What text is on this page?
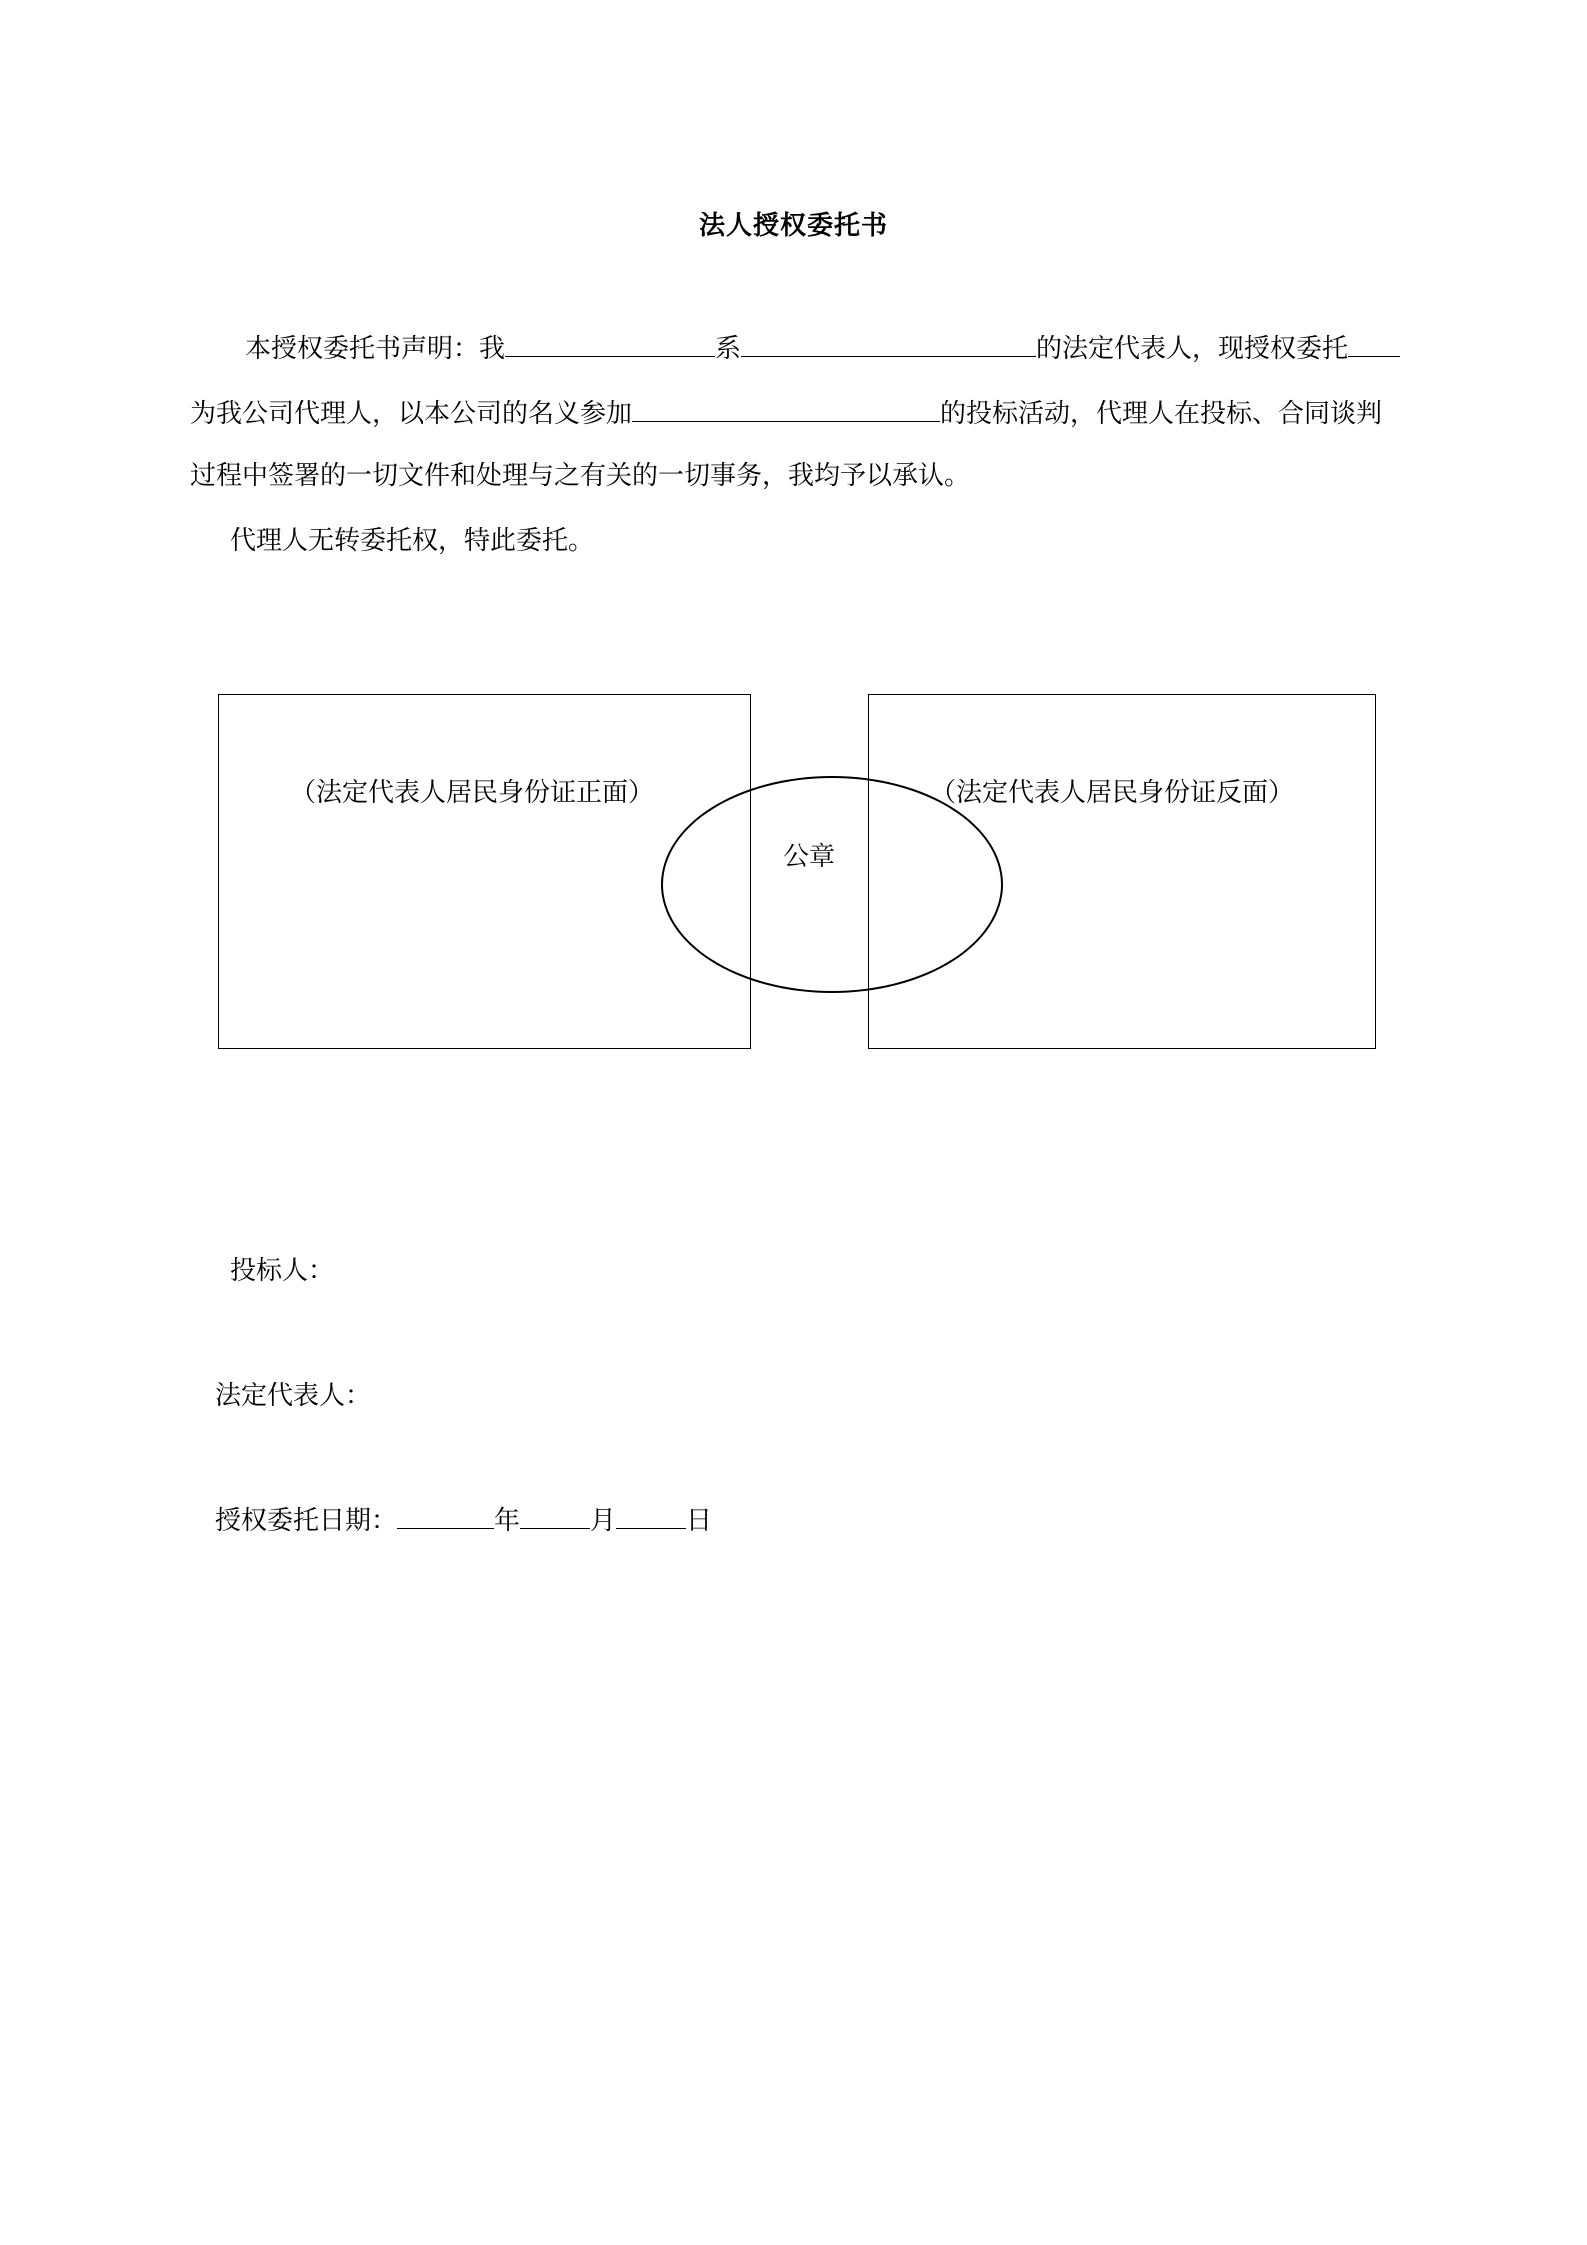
法人授权委托书
本授权委托书声明：我	系	的法定代表人，现授权委托
为我公司代理人，以本公司的名义参加	的投标活动，代理人在投标、合同谈判
过程中签署的一切文件和处理与之有关的一切事务，我均予以承认。
代理人无转委托权，特此委托。
（法定代表人居民身份证正面）	（法定代表人居民身份证反面）
公章
投标人：
法定代表人：
授权委托日期：	年	月	日
